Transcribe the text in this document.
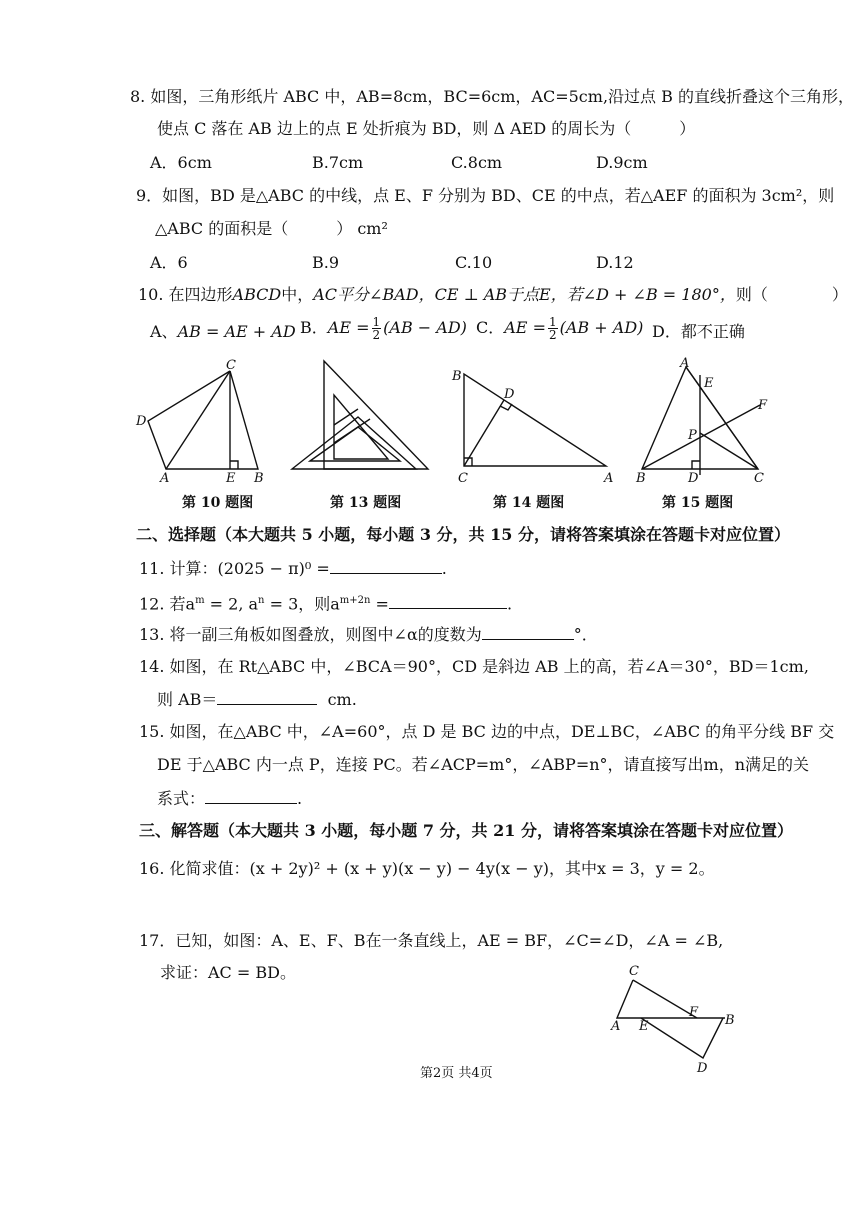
8. 如图，三角形纸片 ABC 中，AB=8cm，BC=6cm，AC=5cm,沿过点 B 的直线折叠这个三角形，
使点 C 落在 AB 边上的点 E 处折痕为 BD，则 Δ AED 的周长为（　　　）
A．6cm	B.7cm	C.8cm	D.9cm
9．如图，BD 是△ABC 的中线，点 E、F 分别为 BD、CE 的中点，若△AEF 的面积为 3cm²，则
△ABC 的面积是（　　　） cm²
A．6	B.9	C.10	D.12
10. 在四边形ABCD中，AC平分∠BAD，CE ⊥ AB于点E，若∠D + ∠B = 180°，则（　　　　）
A、AB = AE + AD B．AE = $\frac{1}{2} (AB - AD)$ C．AE = $\frac{1}{2} (AB + AD)$ D．都不正确
C
D
A	E B
第 10 题图	第 13 题图
B
D
C	A
第 14 题图
A
E
F
P
B	D	C
第 15 题图
二、选择题（本大题共 5 小题，每小题 3 分，共 15 分，请将答案填涂在答题卡对应位置）
11. 计算：(2025 − π)⁰ =	.
12. 若$a^m = 2$, $a^n = 3$，则$a^{m+2n}$ =	.
13. 将一副三角板如图叠放，则图中∠α的度数为	°．
14. 如图，在 Rt△ABC 中，∠BCA＝90°，CD 是斜边 AB 上的高，若∠A＝30°，BD＝1cm,
则 AB＝	cm.
15. 如图，在△ABC 中，∠A=60°，点 D 是 BC 边的中点，DE⊥BC，∠ABC 的角平分线 BF 交
DE 于△ABC 内一点 P，连接 PC。若∠ACP=m°，∠ABP=n°，请直接写出m，n满足的关
系式：	.
三、解答题（本大题共 3 小题，每小题 7 分，共 21 分，请将答案填涂在答题卡对应位置）
16. 化简求值：(x + 2y)² + (x + y)(x − y) − 4y(x − y)，其中x = 3，y = 2。
17．已知，如图：A、E、F、B在一条直线上，AE = BF，∠C=∠D，∠A = ∠B,
求证：AC = BD。	C
A E
F
B
D
第2页 共4页
